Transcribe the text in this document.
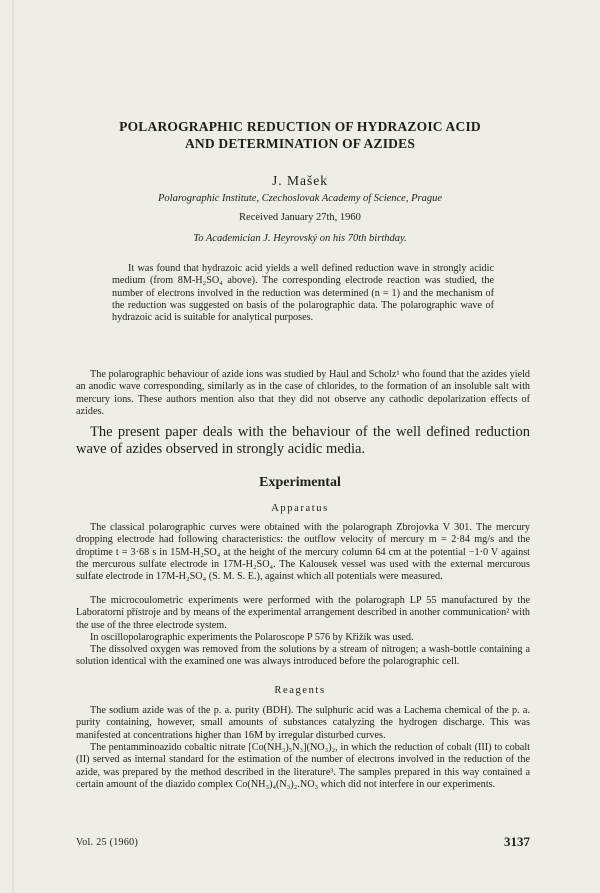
POLAROGRAPHIC REDUCTION OF HYDRAZOIC ACID
AND DETERMINATION OF AZIDES
J. Mašek
Polarographic Institute, Czechoslovak Academy of Science, Prague
Received January 27th, 1960
To Academician J. Heyrovský on his 70th birthday.
It was found that hydrazoic acid yields a well defined reduction wave in strongly acidic medium (from 8M-H₂SO₄ above). The corresponding electrode reaction was studied, the number of electrons involved in the reduction was determined (n = 1) and the mechanism of the reduction was suggested on basis of the polarographic data. The polarographic wave of hydrazoic acid is suitable for analytical purposes.
The polarographic behaviour of azide ions was studied by Haul and Scholz¹ who found that the azides yield an anodic wave corresponding, similarly as in the case of chlorides, to the formation of an insoluble salt with mercury ions. These authors mention also that they did not observe any cathodic depolarization effects of azides.
The present paper deals with the behaviour of the well defined reduction wave of azides observed in strongly acidic media.
Experimental
Apparatus
The classical polarographic curves were obtained with the polarograph Zbrojovka V 301. The mercury dropping electrode had following characteristics: the outflow velocity of mercury m = 2·84 mg/s and the droptime t = 3·68 s in 15M-H₂SO₄ at the height of the mercury column 64 cm at the potential −1·0 V against the mercurous sulfate electrode in 17M-H₂SO₄. The Kalousek vessel was used with the external mercurous sulfate electrode in 17M-H₂SO₄ (S. M. S. E.), against which all potentials were measured.
The microcoulometric experiments were performed with the polarograph LP 55 manufactured by the Laboratorní přístroje and by means of the experimental arrangement described in another communication² with the use of the three electrode system.
In oscillopolarographic experiments the Polaroscope P 576 by Křižík was used.
The dissolved oxygen was removed from the solutions by a stream of nitrogen; a wash-bottle containing a solution identical with the examined one was always introduced before the polarographic cell.
Reagents
The sodium azide was of the p. a. purity (BDH). The sulphuric acid was a Lachema chemical of the p. a. purity containing, however, small amounts of substances catalyzing the hydrogen discharge. This was manifested at concentrations higher than 16M by irregular disturbed curves.
The pentamminoazido cobaltic nitrate [Co(NH₃)₅N₃](NO₃)₂, in which the reduction of cobalt (III) to cobalt (II) served as internal standard for the estimation of the number of electrons involved in the reduction of the azide, was prepared by the method described in the literature³. The samples prepared in this way contained a certain amount of the diazido complex Co(NH₃)₄(N₃)₂.NO₃ which did not interfere in our experiments.
Vol. 25 (1960)	3137
